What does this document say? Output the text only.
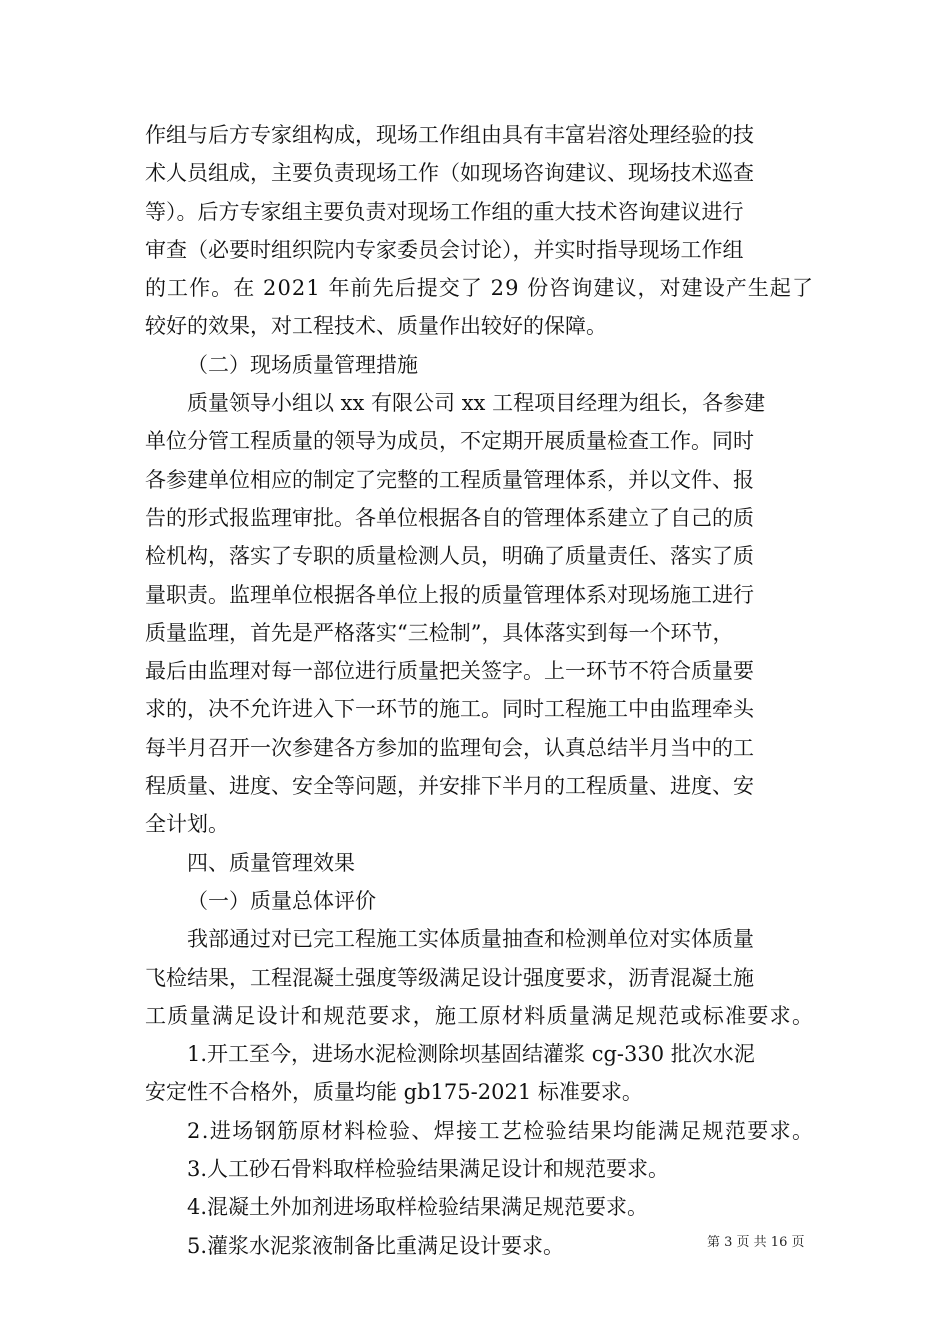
作组与后方专家组构成，现场工作组由具有丰富岩溶处理经验的技
术人员组成，主要负责现场工作（如现场咨询建议、现场技术巡查
等）。后方专家组主要负责对现场工作组的重大技术咨询建议进行
审查（必要时组织院内专家委员会讨论），并实时指导现场工作组
的工作。在 2021 年前先后提交了 29 份咨询建议，对建设产生起了
较好的效果，对工程技术、质量作出较好的保障。
（二）现场质量管理措施
质量领导小组以 xx 有限公司 xx 工程项目经理为组长，各参建
单位分管工程质量的领导为成员，不定期开展质量检查工作。同时
各参建单位相应的制定了完整的工程质量管理体系，并以文件、报
告的形式报监理审批。各单位根据各自的管理体系建立了自己的质
检机构，落实了专职的质量检测人员，明确了质量责任、落实了质
量职责。监理单位根据各单位上报的质量管理体系对现场施工进行
质量监理，首先是严格落实“三检制”，具体落实到每一个环节，
最后由监理对每一部位进行质量把关签字。上一环节不符合质量要
求的，决不允许进入下一环节的施工。同时工程施工中由监理牵头
每半月召开一次参建各方参加的监理旬会，认真总结半月当中的工
程质量、进度、安全等问题，并安排下半月的工程质量、进度、安
全计划。
四、质量管理效果
（一）质量总体评价
我部通过对已完工程施工实体质量抽查和检测单位对实体质量
飞检结果，工程混凝土强度等级满足设计强度要求，沥青混凝土施
工质量满足设计和规范要求，施工原材料质量满足规范或标准要求。
1.开工至今，进场水泥检测除坝基固结灌浆 cg-330 批次水泥
安定性不合格外，质量均能 gb175-2021 标准要求。
2.进场钢筋原材料检验、焊接工艺检验结果均能满足规范要求。
3.人工砂石骨料取样检验结果满足设计和规范要求。
4.混凝土外加剂进场取样检验结果满足规范要求。
5.灌浆水泥浆液制备比重满足设计要求。	第 3 页 共 16 页
